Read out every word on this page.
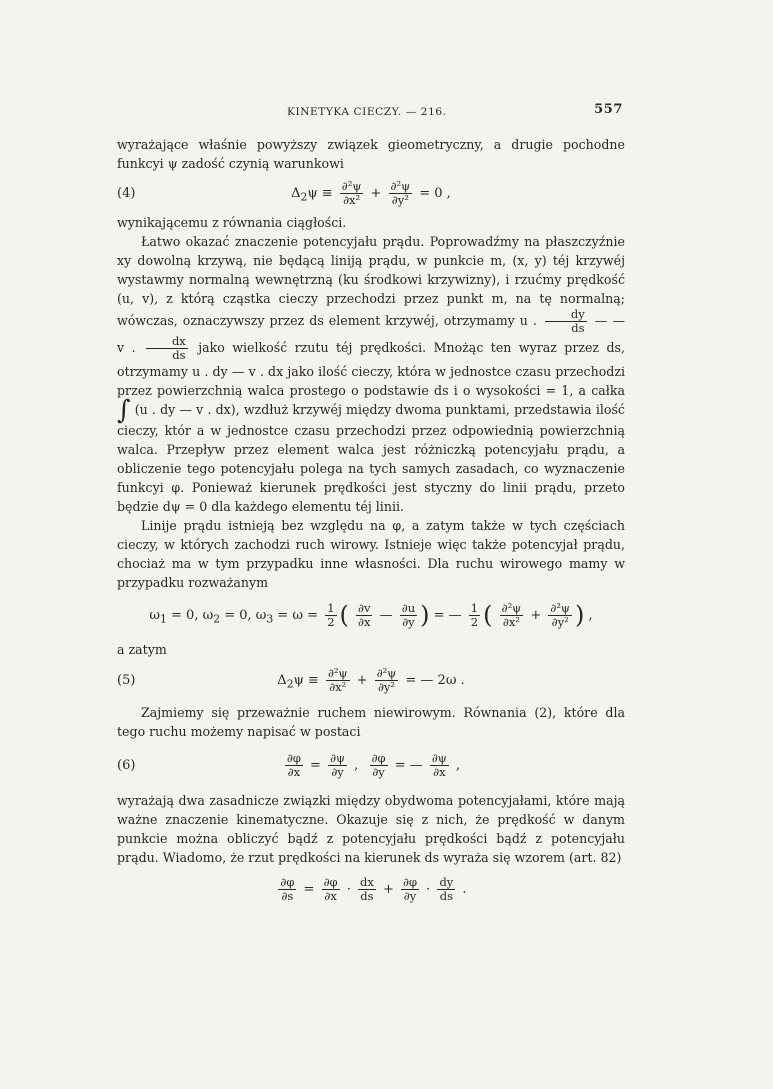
KINETYKA CIECZY. — 216.	557

wyrażające właśnie powyższy związek gieometryczny, a drugie pochodne funkcyi ψ zadość czynią warunkowi

(4)	$\Delta_2\psi \equiv \frac{\text{∂²ψ}}{\text{∂x²}} + \frac{\text{∂²ψ}}{\text{∂y²}} = 0$ ,

wynikającemu z równania ciągłości.

Łatwo okazać znaczenie potencyjału prądu. Poprowadźmy na płaszczyźnie xy dowolną krzywą, nie będącą liniją prądu, w punkcie m, (x, y) téj krzywéj wystawmy normalną wewnętrzną (ku środkowi krzywizny), i rzućmy prędkość (u, v), z którą cząstka cieczy przechodzi przez punkt m, na tę normalną; wówczas, oznaczywszy przez ds element krzywéj, otrzymamy u . $\frac{dy}{ds}$ — — v . $\frac{dx}{ds}$ jako wielkość rzutu téj prędkości. Mnożąc ten wyraz przez ds, otrzymamy u . dy — v . dx jako ilość cieczy, która w jednostce czasu przechodzi przez powierzchnią walca prostego o podstawie ds i o wysokości = 1, a całka ∫ (u . dy — v . dx), wzdłuż krzywéj między dwoma punktami, przedstawia ilość cieczy, któr a w jednostce czasu przechodzi przez odpowiednią powierzchnią walca. Przepływ przez element walca jest różniczką potencyjału prądu, a obliczenie tego potencyjału polega na tych samych zasadach, co wyznaczenie funkcyi φ. Ponieważ kierunek prędkości jest styczny do linii prądu, przeto będzie dψ = 0 dla każdego elementu téj linii.

Linije prądu istnieją bez względu na φ, a zatym także w tych częściach cieczy, w których zachodzi ruch wirowy. Istnieje więc także potencyjał prądu, chociaż ma w tym przypadku inne własności. Dla ruchu wirowego mamy w przypadku rozważanym

$\omega_1 = 0$, $\omega_2 = 0$, $\omega_3 = \omega = \frac{1}{2}$ ( $\frac{\partial v}{\partial x}$ — $\frac{\partial u}{\partial y}$ ) = — $\frac{1}{2}$ ( $\frac{\text{∂²ψ}}{\text{∂x²}} + \frac{\text{∂²ψ}}{\text{∂y²}}$ ) ,

a zatym

(5)	$\Delta_2\psi \equiv \frac{\text{∂²ψ}}{\text{∂x²}} + \frac{\text{∂²ψ}}{\text{∂y²}}$ = — 2ω .

Zajmiemy się przeważnie ruchem niewirowym. Równania (2), które dla tego ruchu możemy napisać w postaci

(6)	$\frac{\partial\varphi}{\partial x} = \frac{\partial\psi}{\partial y}$ , $\frac{\partial\varphi}{\partial y}$ = — $\frac{\partial\psi}{\partial x}$ ,

wyrażają dwa zasadnicze związki między obydwoma potencyjałami, które mają ważne znaczenie kinematyczne. Okazuje się z nich, że prędkość w danym punkcie można obliczyć bądź z potencyjału prędkości bądź z potencyjału prądu. Wiadomo, że rzut prędkości na kierunek ds wyraża się wzorem (art. 82)

$\frac{\partial\varphi}{\partial s} = \frac{\partial\varphi}{\partial x} \cdot \frac{dx}{ds} + \frac{\partial\varphi}{\partial y} \cdot \frac{dy}{ds}$ .
